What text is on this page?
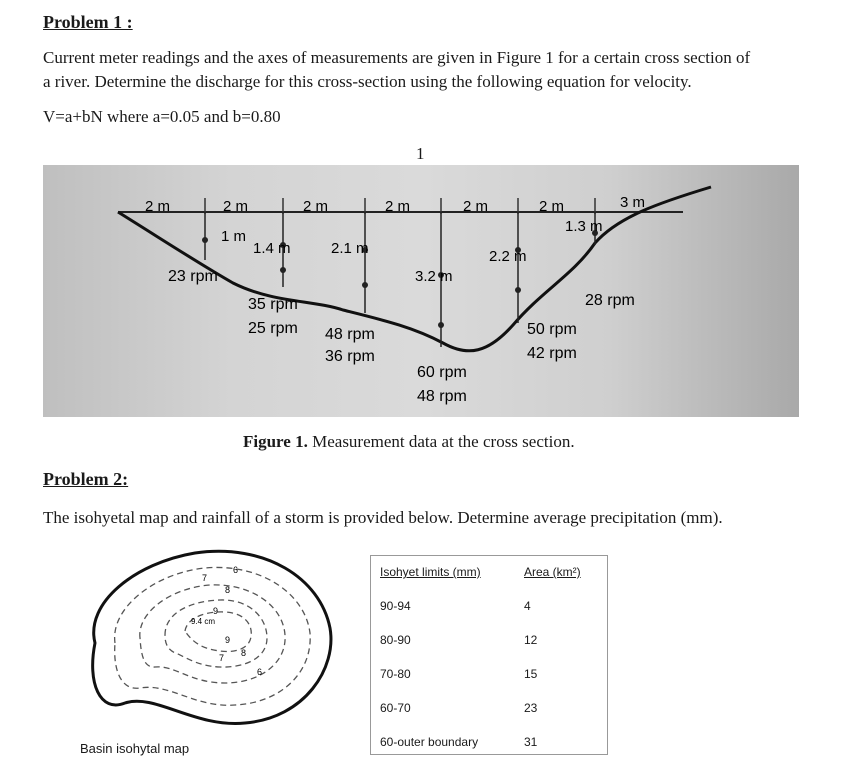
Problem 1 :
Current meter readings and the axes of measurements are given in Figure 1 for a certain cross section of
a river. Determine the discharge for this cross-section using the following equation for velocity.
V=a+bN where a=0.05 and b=0.80
1
2 m	2 m	2 m	2 m	2 m	2 m	3 m
1 m
1.4 m	2.1 m
3.2 m
2.2 m
1.3 m
23 rpm
35 rpm
25 rpm 48 rpm
36 rpm
60 rpm
48 rpm
50 rpm
42 rpm
28 rpm
Figure 1. Measurement data at the cross section.
Problem 2:
The isohyetal map and rainfall of a storm is provided below. Determine average precipitation (mm).
6
7
8
9
9.4 cm
9
8
7
6
Basin isohytal map
Isohyet limits (mm)	Area (km²)
90-94	4
80-90	12
70-80	15
60-70	23
60-outer boundary	31
